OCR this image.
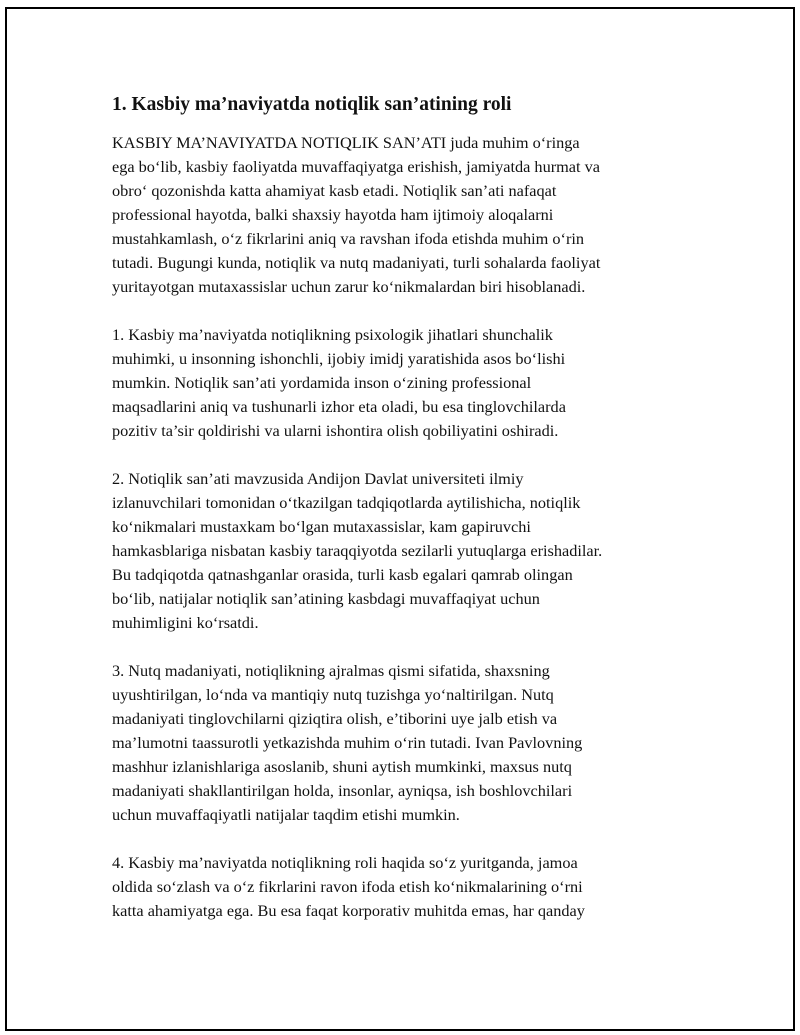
1. Kasbiy ma’naviyatda notiqlik san’atining roli

KASBIY MA’NAVIYATDA NOTIQLIK SAN’ATI juda muhim o‘ringa
ega bo‘lib, kasbiy faoliyatda muvaffaqiyatga erishish, jamiyatda hurmat va
obro‘ qozonishda katta ahamiyat kasb etadi. Notiqlik san’ati nafaqat
professional hayotda, balki shaxsiy hayotda ham ijtimoiy aloqalarni
mustahkamlash, o‘z fikrlarini aniq va ravshan ifoda etishda muhim o‘rin
tutadi. Bugungi kunda, notiqlik va nutq madaniyati, turli sohalarda faoliyat
yuritayotgan mutaxassislar uchun zarur ko‘nikmalardan biri hisoblanadi.

1. Kasbiy ma’naviyatda notiqlikning psixologik jihatlari shunchalik
muhimki, u insonning ishonchli, ijobiy imidj yaratishida asos bo‘lishi
mumkin. Notiqlik san’ati yordamida inson o‘zining professional
maqsadlarini aniq va tushunarli izhor eta oladi, bu esa tinglovchilarda
pozitiv ta’sir qoldirishi va ularni ishontira olish qobiliyatini oshiradi.

2. Notiqlik san’ati mavzusida Andijon Davlat universiteti ilmiy
izlanuvchilari tomonidan o‘tkazilgan tadqiqotlarda aytilishicha, notiqlik
ko‘nikmalari mustaxkam bo‘lgan mutaxassislar, kam gapiruvchi
hamkasblariga nisbatan kasbiy taraqqiyotda sezilarli yutuqlarga erishadilar.
Bu tadqiqotda qatnashganlar orasida, turli kasb egalari qamrab olingan
bo‘lib, natijalar notiqlik san’atining kasbdagi muvaffaqiyat uchun
muhimligini ko‘rsatdi.

3. Nutq madaniyati, notiqlikning ajralmas qismi sifatida, shaxsning
uyushtirilgan, lo‘nda va mantiqiy nutq tuzishga yo‘naltirilgan. Nutq
madaniyati tinglovchilarni qiziqtira olish, e’tiborini uye jalb etish va
ma’lumotni taassurotli yetkazishda muhim o‘rin tutadi. Ivan Pavlovning
mashhur izlanishlariga asoslanib, shuni aytish mumkinki, maxsus nutq
madaniyati shakllantirilgan holda, insonlar, ayniqsa, ish boshlovchilari
uchun muvaffaqiyatli natijalar taqdim etishi mumkin.

4. Kasbiy ma’naviyatda notiqlikning roli haqida so‘z yuritganda, jamoa
oldida so‘zlash va o‘z fikrlarini ravon ifoda etish ko‘nikmalarining o‘rni
katta ahamiyatga ega. Bu esa faqat korporativ muhitda emas, har qanday
